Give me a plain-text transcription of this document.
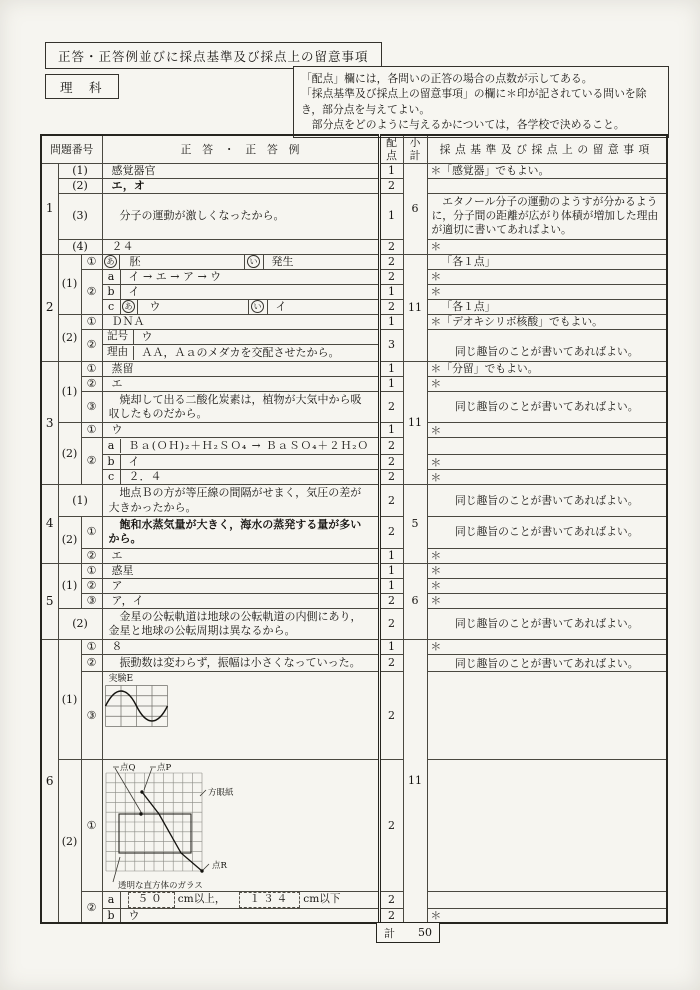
正答・正答例並びに採点基準及び採点上の留意事項
理　科
「配点」欄には，各問いの正答の場合の点数が示してある。
「採点基準及び採点上の留意事項」の欄に＊印が記されている問いを除き，部分点を与えてよい。
部分点をどのように与えるかについては，各学校で決めること。
問題番号			正　答　・　正　答　例	配点	小計	採点基準及び採点上の留意事項
1	(1)		感覚器官	1	6	＊「感覚器」でもよい。
	(2)		エ，オ	2		
	(3)		分子の運動が激しくなったから。	1		エタノール分子の運動のようすが分かるように，分子間の距離が広がり体積が増加した理由が適切に書いてあればよい。
	(4)		２４	2		＊
2	(1)	①	あ 胚 い 発生	2	11	「各１点」
		②	a イ → エ → ア → ウ	2		＊

b イ	1		＊

c あ ウ い イ	2		「各１点」
	(2)	①	ＤＮＡ	1		＊「デオキシリボ核酸」でもよい。
		②	記号 ウ	3		同じ趣旨のことが書いてあればよい。

理由 ＡＡ，Ａａのメダカを交配させたから。			

3	(1)	①	蒸留	1	11	＊「分留」でもよい。
		②	エ	1		＊
		③	焼却して出る二酸化炭素は，植物が大気中から吸収したものだから。	2		同じ趣旨のことが書いてあればよい。
	(2)	①	ウ	1		＊
		②	a Ｂａ(ＯＨ)₂＋Ｈ₂ＳＯ₄ → ＢａＳＯ₄＋２Ｈ₂Ｏ	2		

b イ	2		＊

c ２．４	2		＊
4	(1)		地点Ｂの方が等圧線の間隔がせまく，気圧の差が大きかったから。	2	5	同じ趣旨のことが書いてあればよい。
	(2)	①	飽和水蒸気量が大きく，海水の蒸発する量が多いから。	2		同じ趣旨のことが書いてあればよい。
		②	エ	1		＊
5	(1)	①	惑星	1	6	＊
		②	ア	1		＊
		③	ア，イ	2		＊
	(2)		金星の公転軌道は地球の公転軌道の内側にあり，金星と地球の公転周期は異なるから。	2		同じ趣旨のことが書いてあればよい。
6	(1)	①	８	1	11	＊
		②	振動数は変わらず，振幅は小さくなっていった。	2		同じ趣旨のことが書いてあればよい。
		③	実験E	2		
	(2)	①	点Q 点P
方眼紙
点R
透明な直方体のガラス	2		
		②	a ５０ cm以上， １３４ cm以下	2		

b ウ	2		＊
計 50
